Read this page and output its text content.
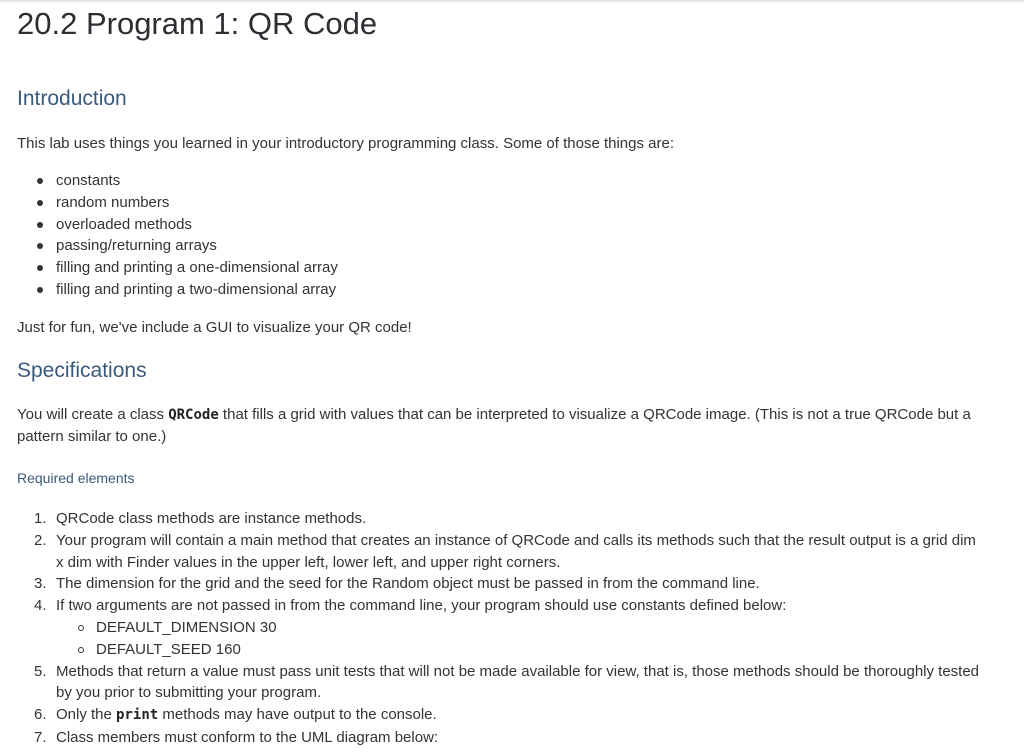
20.2 Program 1: QR Code
Introduction

This lab uses things you learned in your introductory programming class. Some of those things are:

constants
random numbers
overloaded methods
passing/returning arrays
filling and printing a one-dimensional array
filling and printing a two-dimensional array

Just for fun, we've include a GUI to visualize your QR code!

Specifications

You will create a class QRCode that fills a grid with values that can be interpreted to visualize a QRCode image. (This is not a true QRCode but a pattern similar to one.)

Required elements
1. QRCode class methods are instance methods.
2. Your program will contain a main method that creates an instance of QRCode and calls its methods such that the result output is a grid dim x dim with Finder values in the upper left, lower left, and upper right corners.
3. The dimension for the grid and the seed for the Random object must be passed in from the command line.
4. If two arguments are not passed in from the command line, your program should use constants defined below:
DEFAULT_DIMENSION 30
DEFAULT_SEED 160
5. Methods that return a value must pass unit tests that will not be made available for view, that is, those methods should be thoroughly tested by you prior to submitting your program.
6. Only the print methods may have output to the console.
7. Class members must conform to the UML diagram below:
